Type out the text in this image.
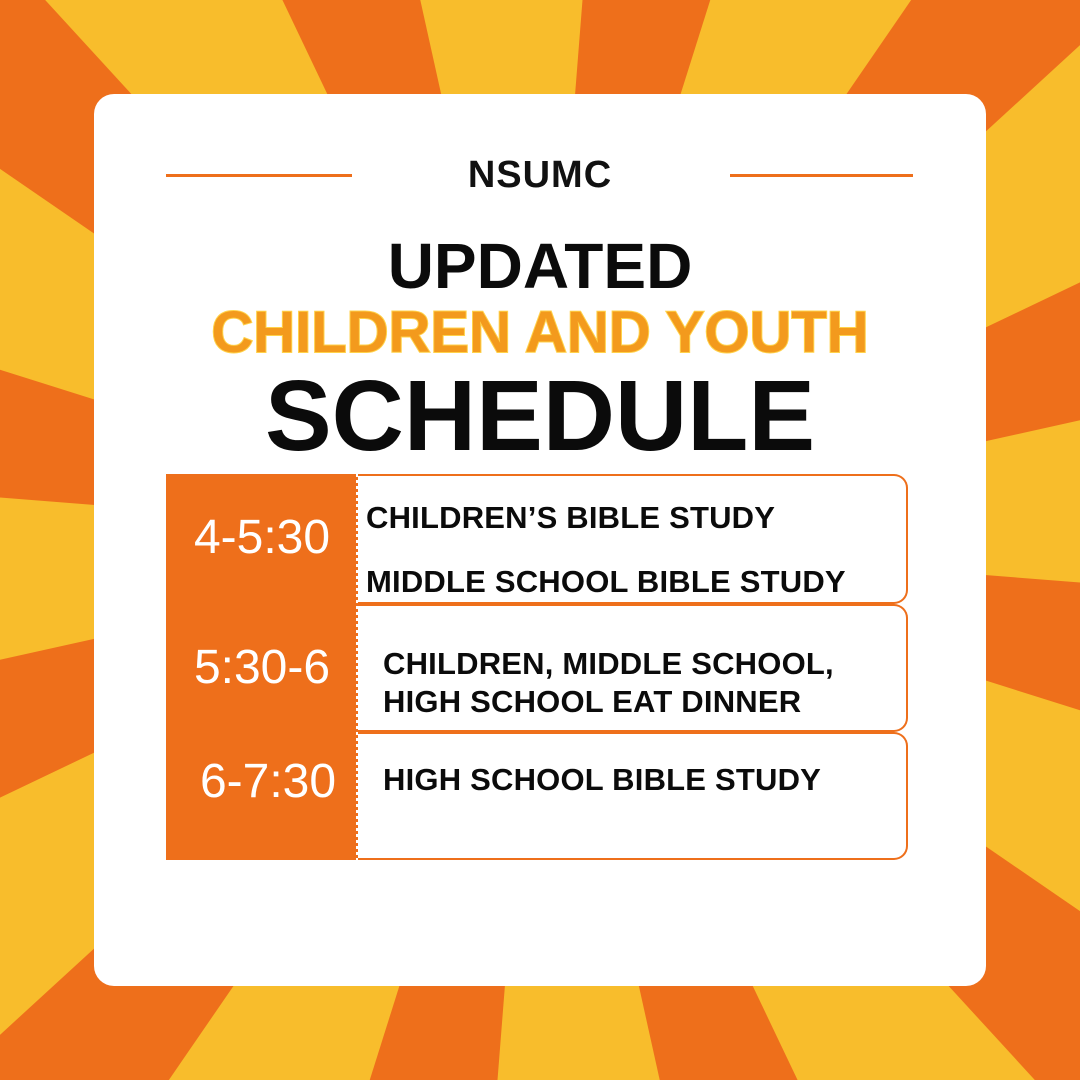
NSUMC
UPDATED
CHILDREN AND YOUTH
SCHEDULE
4-5:30
5:30-6
6-7:30
CHILDREN’S BIBLE STUDY
MIDDLE SCHOOL BIBLE STUDY
CHILDREN, MIDDLE SCHOOL,
HIGH SCHOOL EAT DINNER
HIGH SCHOOL BIBLE STUDY
